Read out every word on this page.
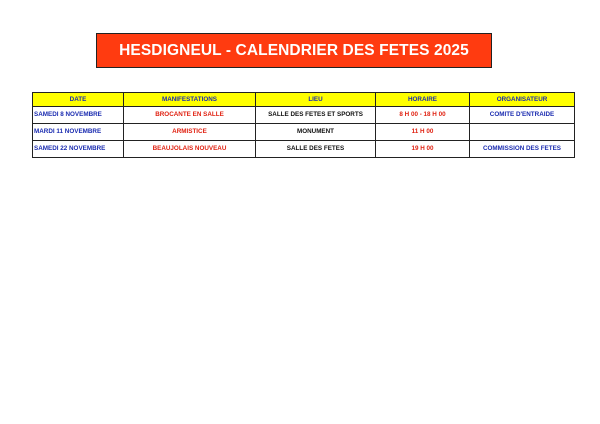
HESDIGNEUL - CALENDRIER DES FETES 2025
DATE	MANIFESTATIONS	LIEU	HORAIRE	ORGANISATEUR
SAMEDI 8 NOVEMBRE	BROCANTE EN SALLE	SALLE DES FETES ET SPORTS	8 H 00 - 18 H 00	COMITE D'ENTRAIDE
MARDI 11 NOVEMBRE	ARMISTICE	MONUMENT	11 H 00	
SAMEDI 22 NOVEMBRE	BEAUJOLAIS NOUVEAU	SALLE DES FETES	19 H 00	COMMISSION DES FETES
